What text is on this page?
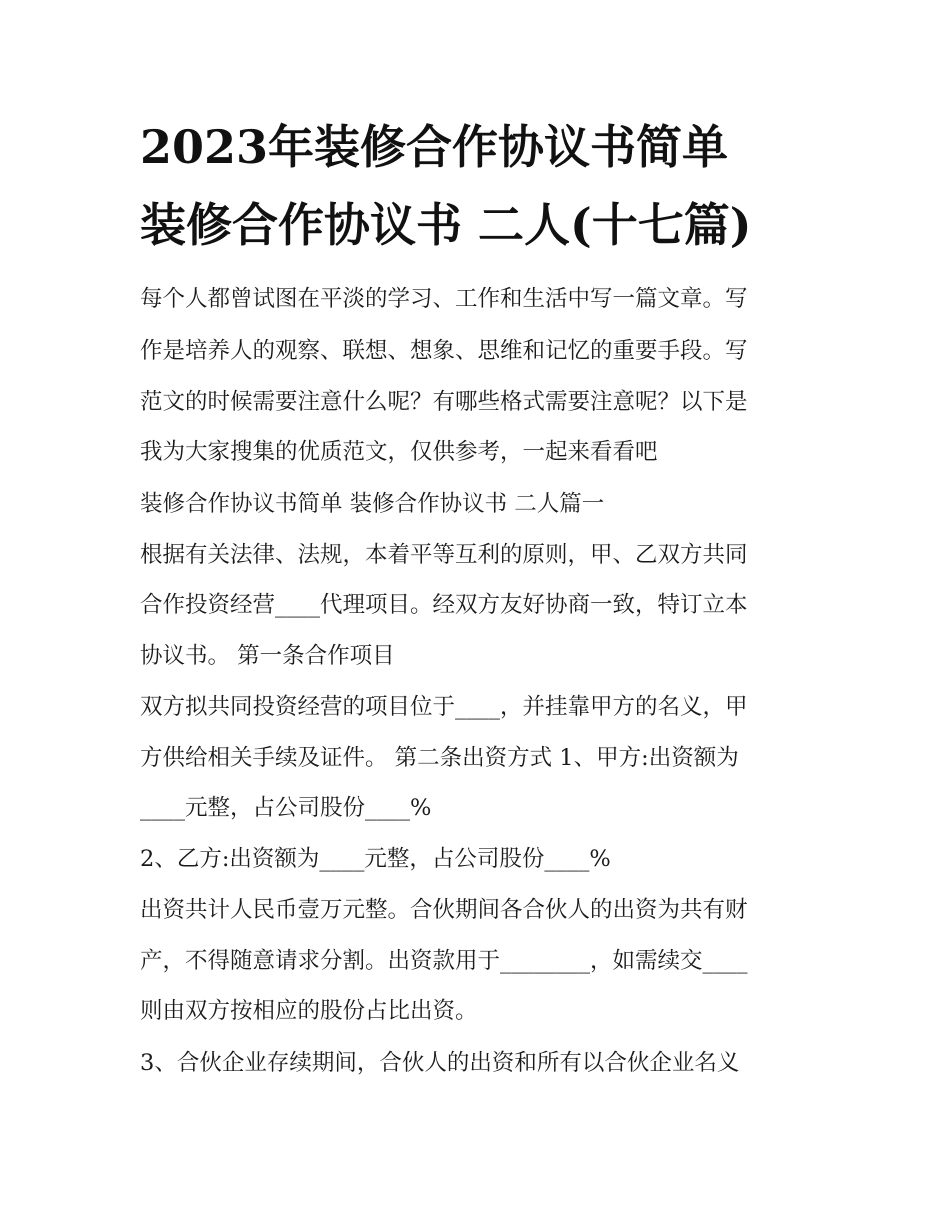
2023年装修合作协议书简单
装修合作协议书 二人(十七篇)

每个人都曾试图在平淡的学习、工作和生活中写一篇文章。写

作是培养人的观察、联想、想象、思维和记忆的重要手段。写

范文的时候需要注意什么呢？有哪些格式需要注意呢？以下是

我为大家搜集的优质范文，仅供参考，一起来看看吧

装修合作协议书简单 装修合作协议书 二人篇一

根据有关法律、法规，本着平等互利的原则，甲、乙双方共同

合作投资经营____代理项目。经双方友好协商一致，特订立本

协议书。 第一条合作项目

双方拟共同投资经营的项目位于____，并挂靠甲方的名义，甲

方供给相关手续及证件。 第二条出资方式 1、甲方:出资额为

____元整，占公司股份____%

2、乙方:出资额为____元整，占公司股份____%

出资共计人民币壹万元整。合伙期间各合伙人的出资为共有财

产，不得随意请求分割。出资款用于________，如需续交____

则由双方按相应的股份占比出资。

3、合伙企业存续期间，合伙人的出资和所有以合伙企业名义
